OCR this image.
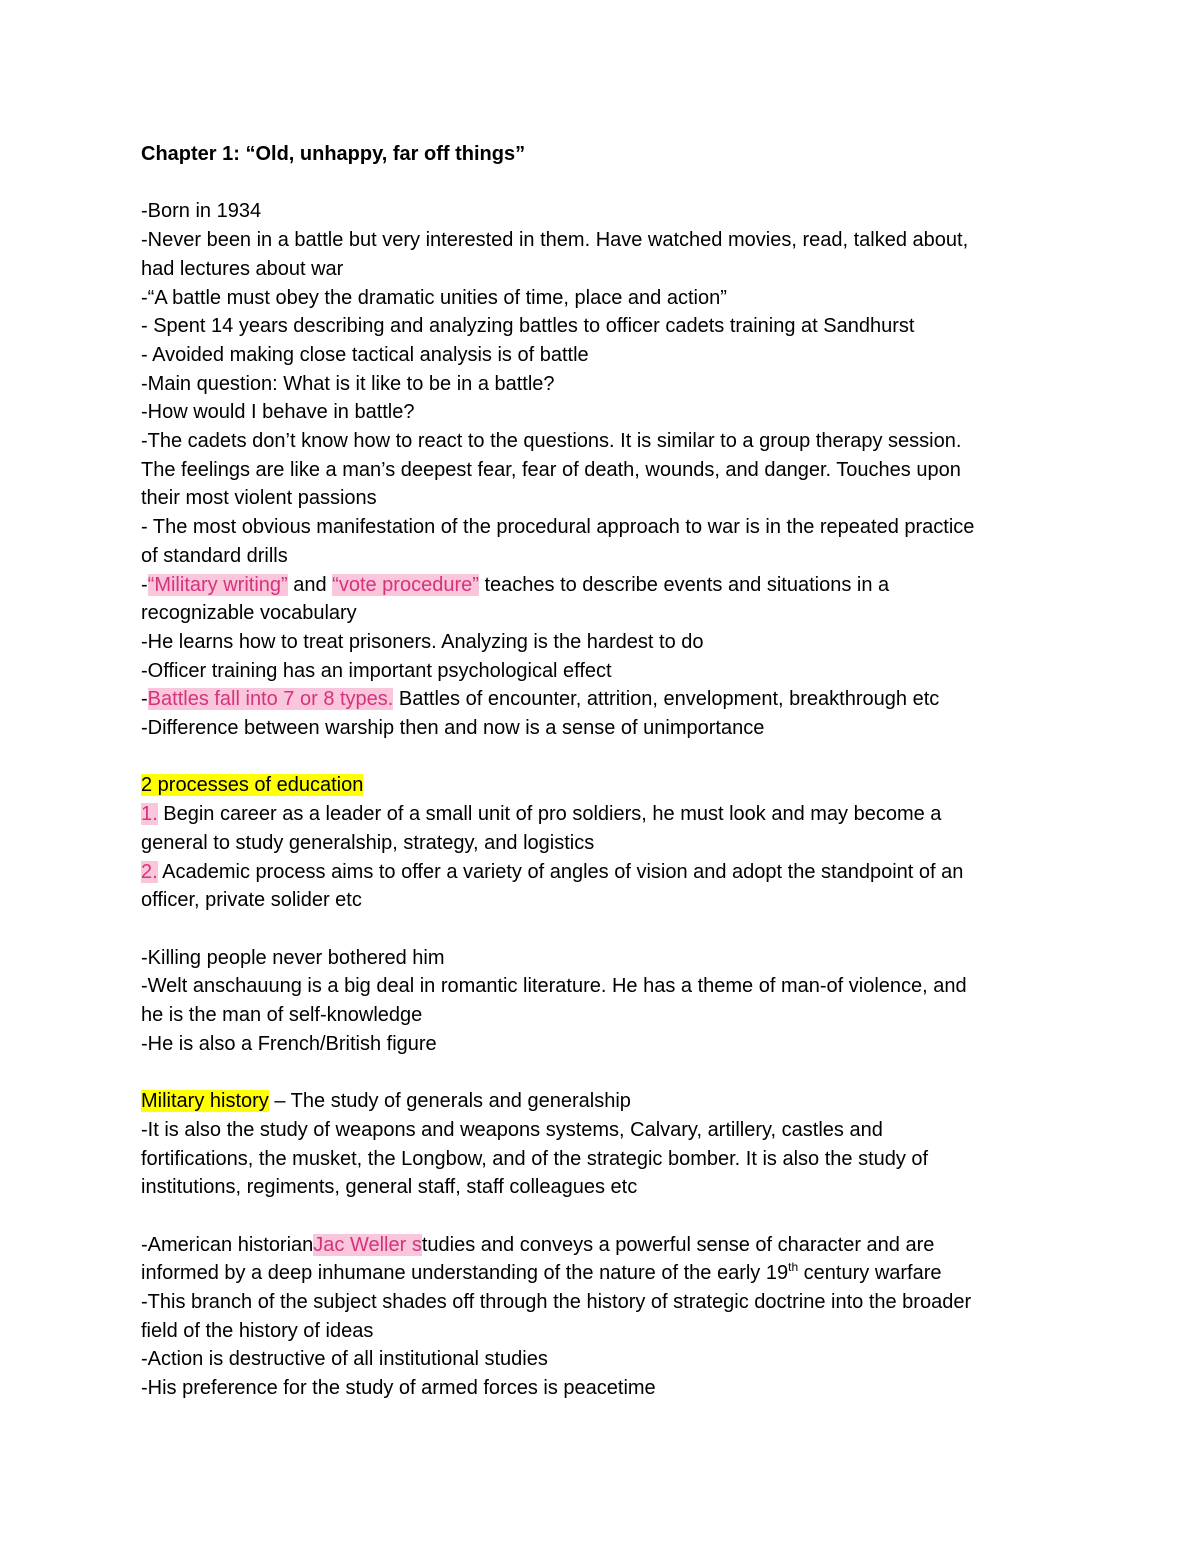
Chapter 1: “Old, unhappy, far off things”
-Born in 1934
-Never been in a battle but very interested in them. Have watched movies, read, talked about,
had lectures about war
-“A battle must obey the dramatic unities of time, place and action”
- Spent 14 years describing and analyzing battles to officer cadets training at Sandhurst
- Avoided making close tactical analysis is of battle
-Main question: What is it like to be in a battle?
-How would I behave in battle?
-The cadets don’t know how to react to the questions. It is similar to a group therapy session.
The feelings are like a man’s deepest fear, fear of death, wounds, and danger. Touches upon
their most violent passions
- The most obvious manifestation of the procedural approach to war is in the repeated practice
of standard drills
-“Military writing” and “vote procedure” teaches to describe events and situations in a
recognizable vocabulary
-He learns how to treat prisoners. Analyzing is the hardest to do
-Officer training has an important psychological effect
-Battles fall into 7 or 8 types. Battles of encounter, attrition, envelopment, breakthrough etc
-Difference between warship then and now is a sense of unimportance
2 processes of education
1. Begin career as a leader of a small unit of pro soldiers, he must look and may become a
general to study generalship, strategy, and logistics
2. Academic process aims to offer a variety of angles of vision and adopt the standpoint of an
officer, private solider etc
-Killing people never bothered him
-Welt anschauung is a big deal in romantic literature. He has a theme of man-of violence, and
he is the man of self-knowledge
-He is also a French/British figure
Military history – The study of generals and generalship
-It is also the study of weapons and weapons systems, Calvary, artillery, castles and
fortifications, the musket, the Longbow, and of the strategic bomber. It is also the study of
institutions, regiments, general staff, staff colleagues etc
-American historianJac Weller studies and conveys a powerful sense of character and are
informed by a deep inhumane understanding of the nature of the early 19th century warfare
-This branch of the subject shades off through the history of strategic doctrine into the broader
field of the history of ideas
-Action is destructive of all institutional studies
-His preference for the study of armed forces is peacetime
